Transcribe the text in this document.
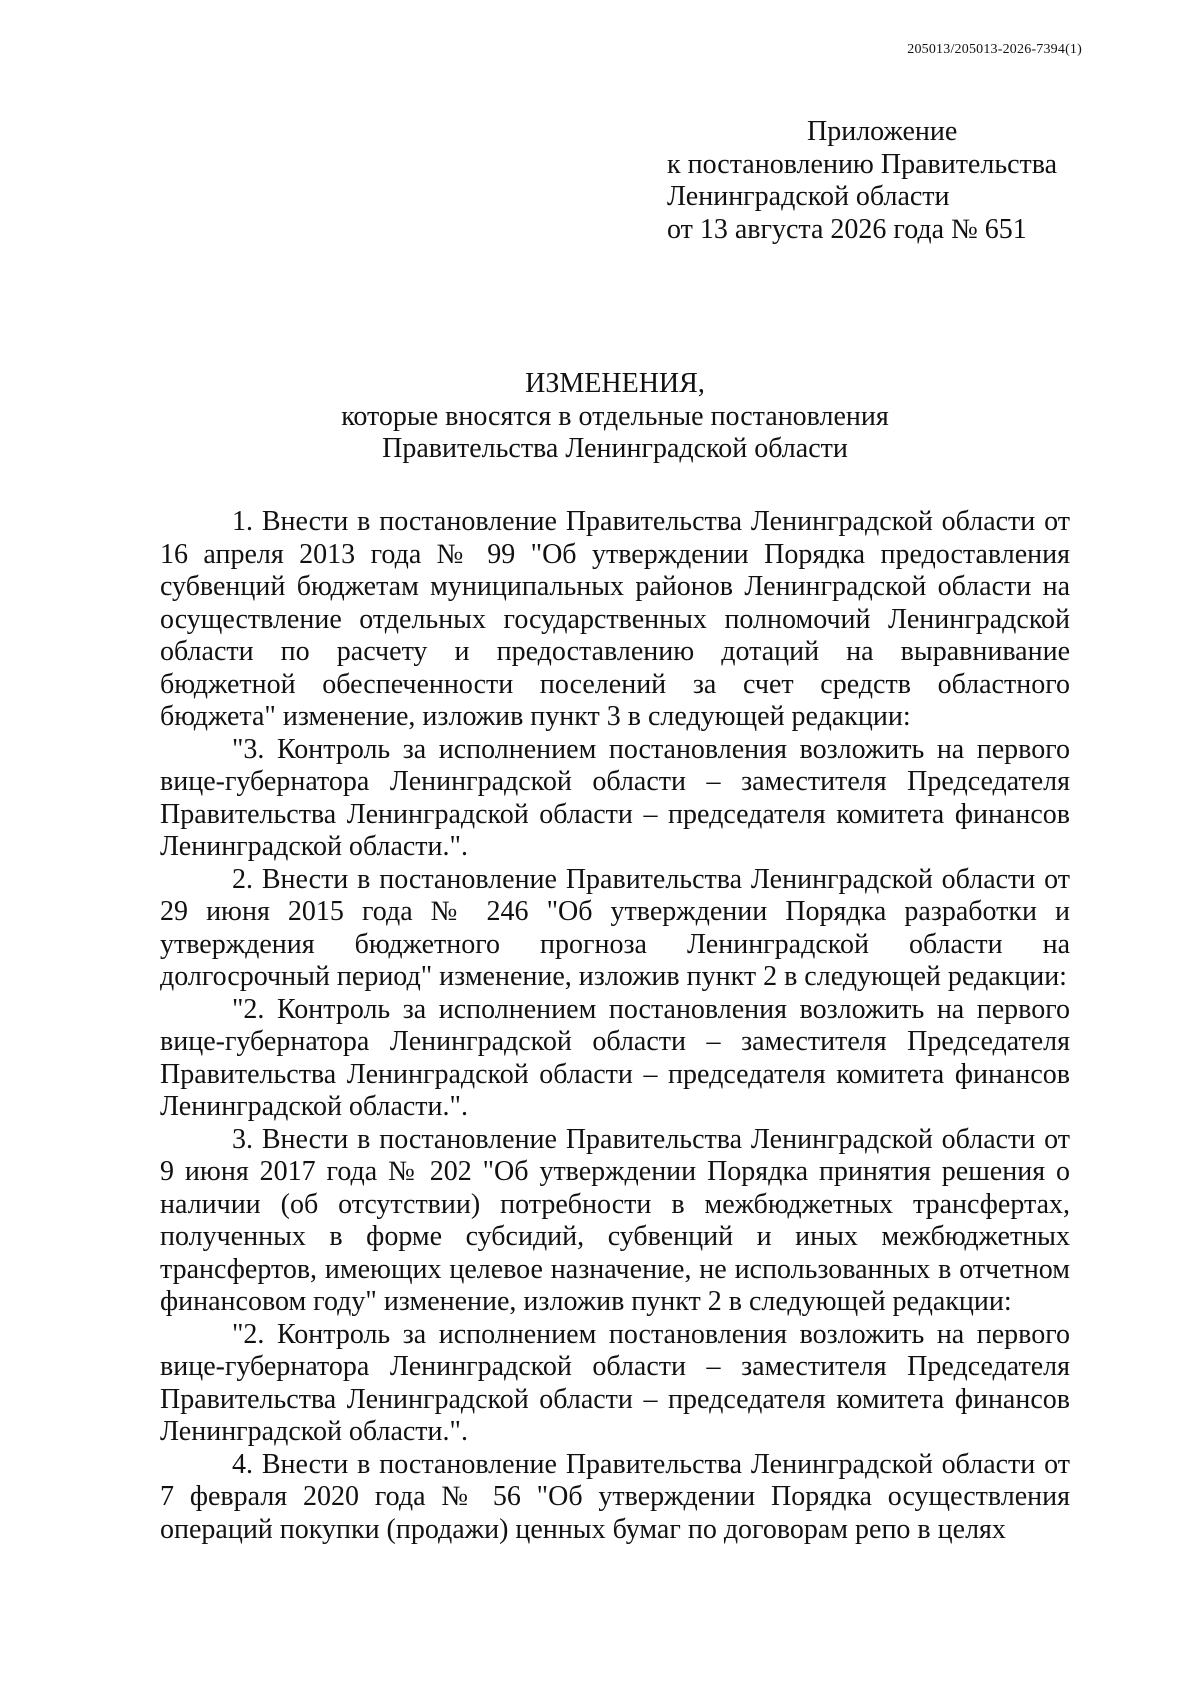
205013/205013-2026-7394(1)
Приложение
к постановлению Правительства
Ленинградской области
от 13 августа 2026 года № 651
ИЗМЕНЕНИЯ,
которые вносятся в отдельные постановления
Правительства Ленинградской области

1. Внести в постановление Правительства Ленинградской области от 16 апреля 2013 года № 99 "Об утверждении Порядка предоставления субвенций бюджетам муниципальных районов Ленинградской области на осуществление отдельных государственных полномочий Ленинградской области по расчету и предоставлению дотаций на выравнивание бюджетной обеспеченности поселений за счет средств областного бюджета" изменение, изложив пункт 3 в следующей редакции:

"3. Контроль за исполнением постановления возложить на первого вице-губернатора Ленинградской области – заместителя Председателя Правительства Ленинградской области – председателя комитета финансов Ленинградской области.".

2. Внести в постановление Правительства Ленинградской области от 29 июня 2015 года № 246 "Об утверждении Порядка разработки и утверждения бюджетного прогноза Ленинградской области на долгосрочный период" изменение, изложив пункт 2 в следующей редакции:

"2. Контроль за исполнением постановления возложить на первого вице-губернатора Ленинградской области – заместителя Председателя Правительства Ленинградской области – председателя комитета финансов Ленинградской области.".

3. Внести в постановление Правительства Ленинградской области от 9 июня 2017 года № 202 "Об утверждении Порядка принятия решения о наличии (об отсутствии) потребности в межбюджетных трансфертах, полученных в форме субсидий, субвенций и иных межбюджетных трансфертов, имеющих целевое назначение, не использованных в отчетном финансовом году" изменение, изложив пункт 2 в следующей редакции:

"2. Контроль за исполнением постановления возложить на первого вице-губернатора Ленинградской области – заместителя Председателя Правительства Ленинградской области – председателя комитета финансов Ленинградской области.".

4. Внести в постановление Правительства Ленинградской области от 7 февраля 2020 года № 56 "Об утверждении Порядка осуществления операций покупки (продажи) ценных бумаг по договорам репо в целях
